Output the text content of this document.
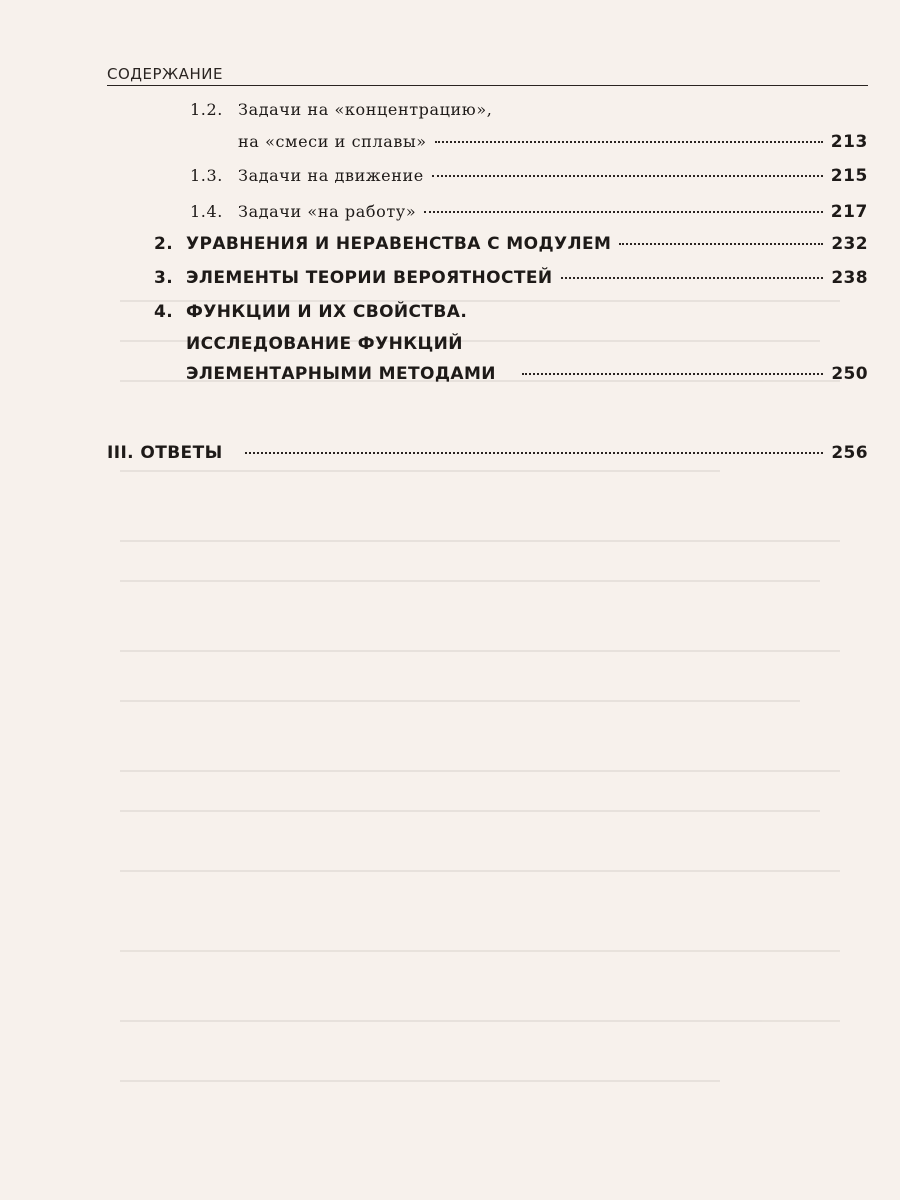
СОДЕРЖАНИЕ
1.2. Задачи на «концентрацию»,
на «смеси и сплавы»	213
1.3. Задачи на движение	215
1.4. Задачи «на работу»	217
2. УРАВНЕНИЯ И НЕРАВЕНСТВА С МОДУЛЕМ	232
3. ЭЛЕМЕНТЫ ТЕОРИИ ВЕРОЯТНОСТЕЙ	238
4. ФУНКЦИИ И ИХ СВОЙСТВА.
ИССЛЕДОВАНИЕ ФУНКЦИЙ
ЭЛЕМЕНТАРНЫМИ МЕТОДАМИ	250
III. ОТВЕТЫ	256
